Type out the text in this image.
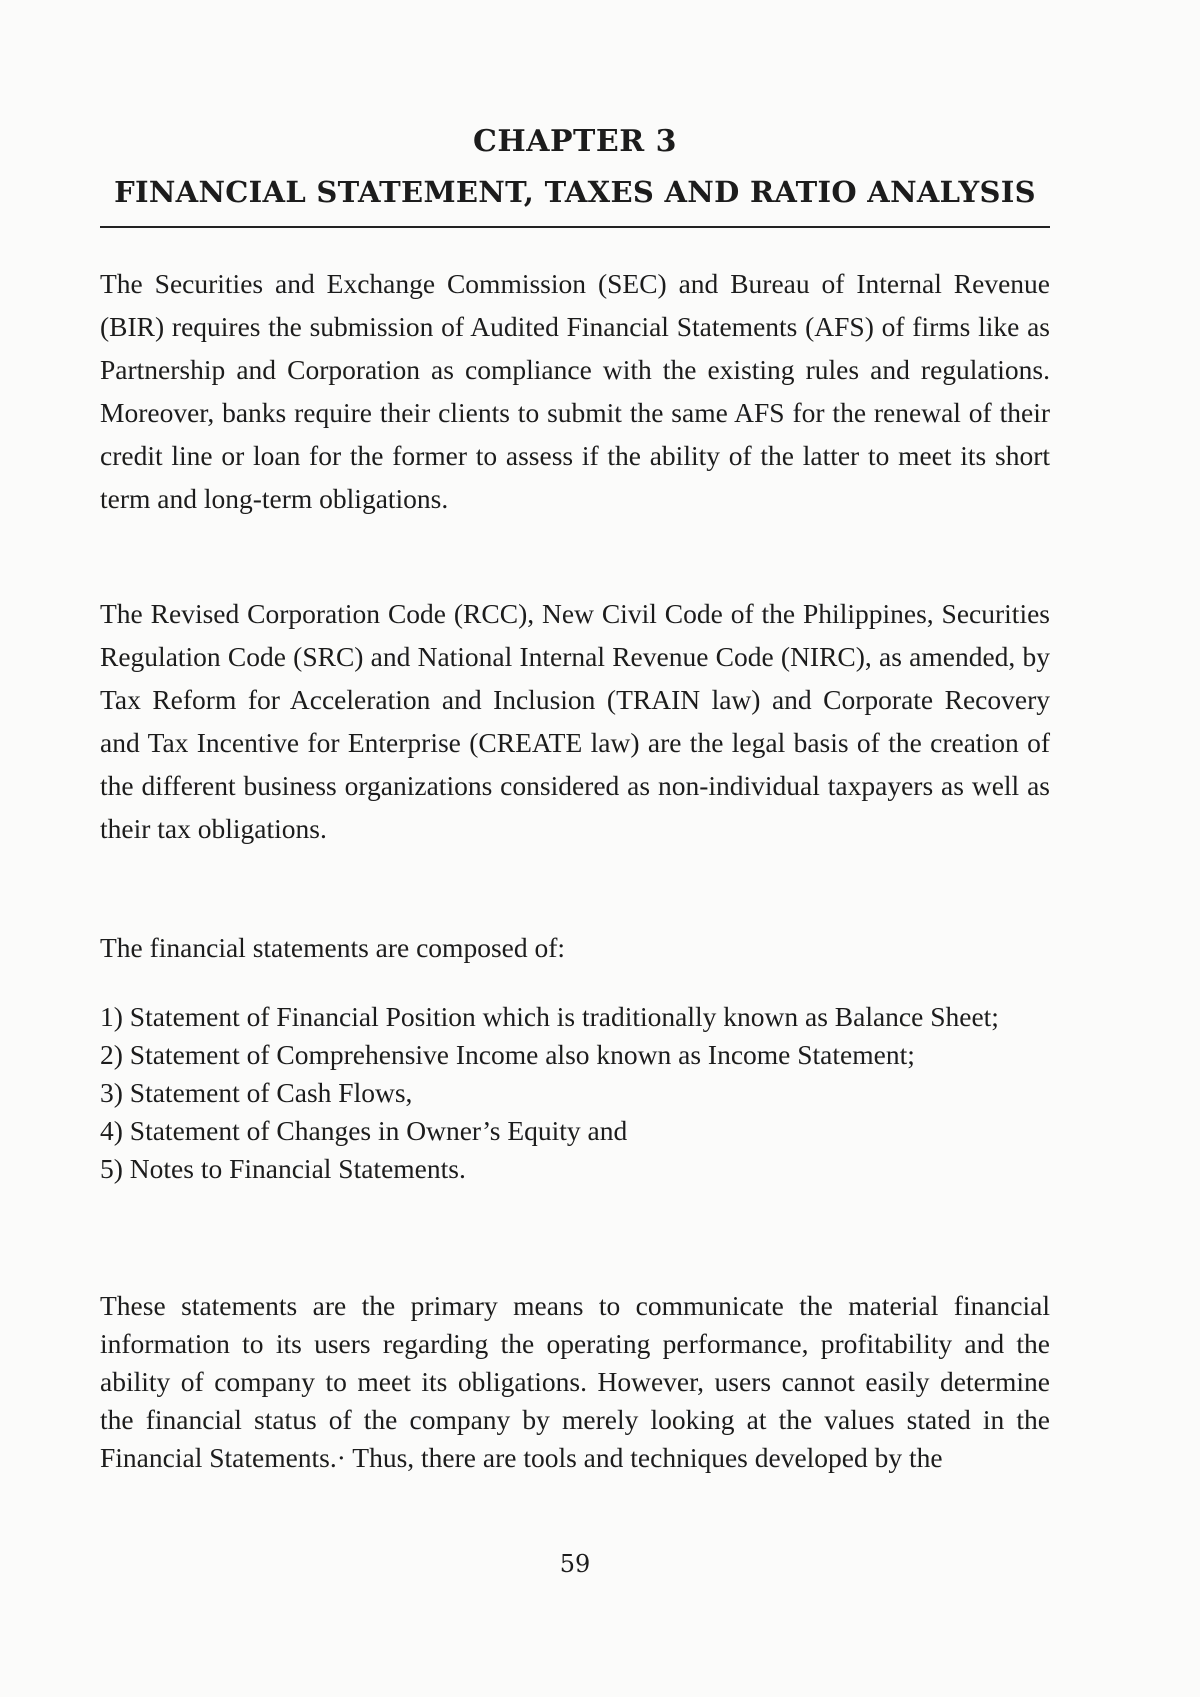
CHAPTER 3
FINANCIAL STATEMENT, TAXES AND RATIO ANALYSIS

The Securities and Exchange Commission (SEC) and Bureau of Internal Revenue (BIR) requires the submission of Audited Financial Statements (AFS) of firms like as Partnership and Corporation as compliance with the existing rules and regulations. Moreover, banks require their clients to submit the same AFS for the renewal of their credit line or loan for the former to assess if the ability of the latter to meet its short term and long-term obligations.

The Revised Corporation Code (RCC), New Civil Code of the Philippines, Securities Regulation Code (SRC) and National Internal Revenue Code (NIRC), as amended, by Tax Reform for Acceleration and Inclusion (TRAIN law) and Corporate Recovery and Tax Incentive for Enterprise (CREATE law) are the legal basis of the creation of the different business organizations considered as non-individual taxpayers as well as their tax obligations.

The financial statements are composed of:

1) Statement of Financial Position which is traditionally known as Balance Sheet;
2) Statement of Comprehensive Income also known as Income Statement;
3) Statement of Cash Flows,
4) Statement of Changes in Owner’s Equity and
5) Notes to Financial Statements.

These statements are the primary means to communicate the material financial information to its users regarding the operating performance, profitability and the ability of company to meet its obligations. However, users cannot easily determine the financial status of the company by merely looking at the values stated in the Financial Statements.· Thus, there are tools and techniques developed by the

59
